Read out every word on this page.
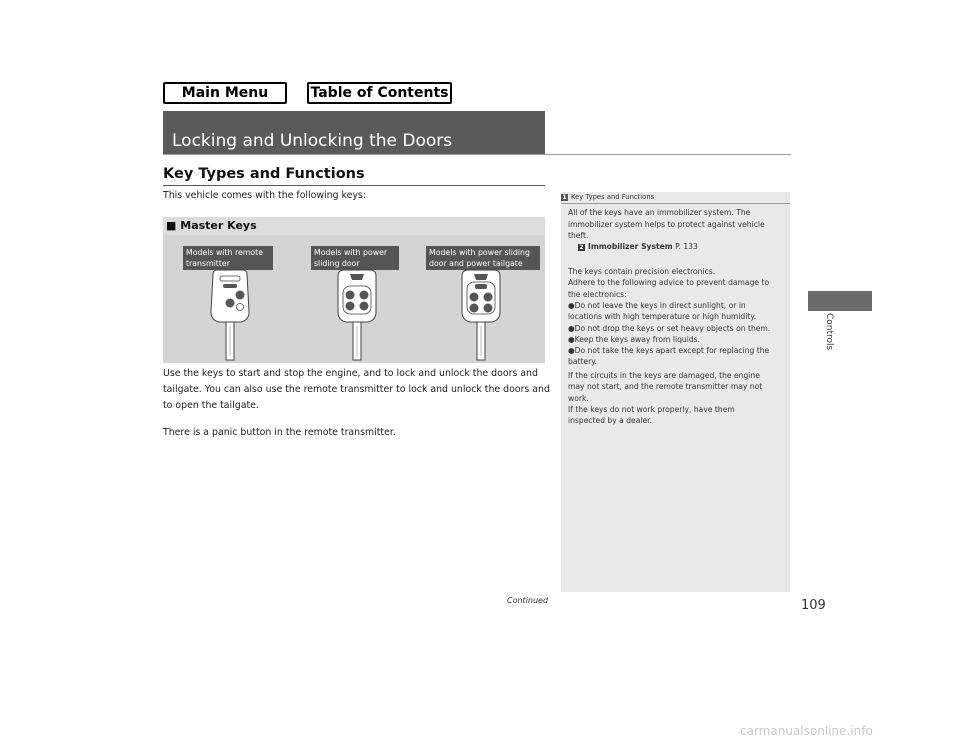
Main Menu	Table of Contents
Locking and Unlocking the Doors
Key Types and Functions
This vehicle comes with the following keys:
■ Master Keys
Models with remote
transmitter
Models with power
sliding door
Models with power sliding
door and power tailgate
Use the keys to start and stop the engine, and to lock and unlock the doors and
tailgate. You can also use the remote transmitter to lock and unlock the doors and
to open the tailgate.
There is a panic button in the remote transmitter.
1 Key Types and Functions
All of the keys have an immobilizer system. The
immobilizer system helps to protect against vehicle
theft.
2 Immobilizer System P. 133
The keys contain precision electronics.
Adhere to the following advice to prevent damage to
the electronics:
●Do not leave the keys in direct sunlight, or in
locations with high temperature or high humidity.
●Do not drop the keys or set heavy objects on them.
●Keep the keys away from liquids.
●Do not take the keys apart except for replacing the
battery.
If the circuits in the keys are damaged, the engine
may not start, and the remote transmitter may not
work.
If the keys do not work properly, have them
inspected by a dealer.
Controls
Continued	109
carmanualsonline.info
